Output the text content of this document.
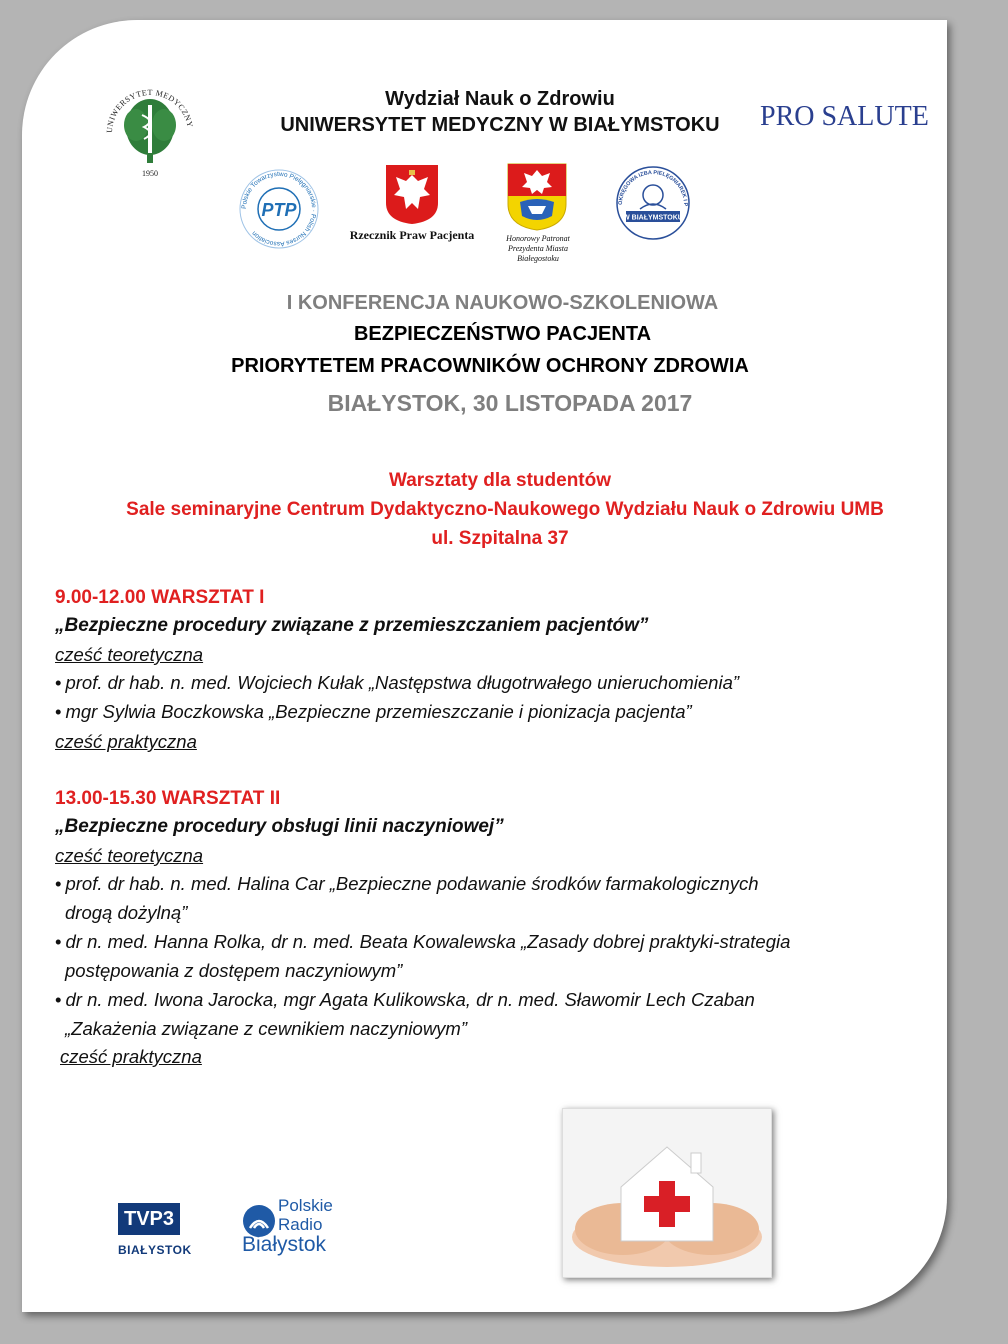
UNIWERSYTET MEDYCZNY
1950
Wydział Nauk o Zdrowiu
UNIWERSYTET MEDYCZNY W BIAŁYMSTOKU	PRO SALUTE
Polskie Towarzystwo Pielęgniarskie · Polish Nurses Association
PTP
Rzecznik Praw Pacjenta	Honorowy Patronat Prezydenta Miasta Białegostoku
OKRĘGOWA IZBA PIELĘGNIAREK I P
W BIAŁYMSTOKU
I KONFERENCJA NAUKOWO-SZKOLENIOWA
BEZPIECZEŃSTWO PACJENTA
PRIORYTETEM PRACOWNIKÓW OCHRONY ZDROWIA
BIAŁYSTOK, 30 LISTOPADA 2017
Warsztaty dla studentów
Sale seminaryjne Centrum Dydaktyczno-Naukowego Wydziału Nauk o Zdrowiu UMB
ul. Szpitalna 37
9.00-12.00 WARSZTAT I
„Bezpieczne procedury związane z przemieszczaniem pacjentów”
cześć teoretyczna
• prof. dr hab. n. med. Wojciech Kułak „Następstwa długotrwałego unieruchomienia”
• mgr Sylwia Boczkowska „Bezpieczne przemieszczanie i pionizacja pacjenta”
cześć praktyczna
13.00-15.30 WARSZTAT II
„Bezpieczne procedury obsługi linii naczyniowej”
cześć teoretyczna
• prof. dr hab. n. med. Halina Car „Bezpieczne podawanie środków farmakologicznych
drogą dożylną”
• dr n. med. Hanna Rolka, dr n. med. Beata Kowalewska „Zasady dobrej praktyki-strategia
postępowania z dostępem naczyniowym”
• dr n. med. Iwona Jarocka, mgr Agata Kulikowska, dr n. med. Sławomir Lech Czaban
„Zakażenia związane z cewnikiem naczyniowym”
cześć praktyczna
TVP3
BIAŁYSTOK
Polskie
Radio
Białystok
